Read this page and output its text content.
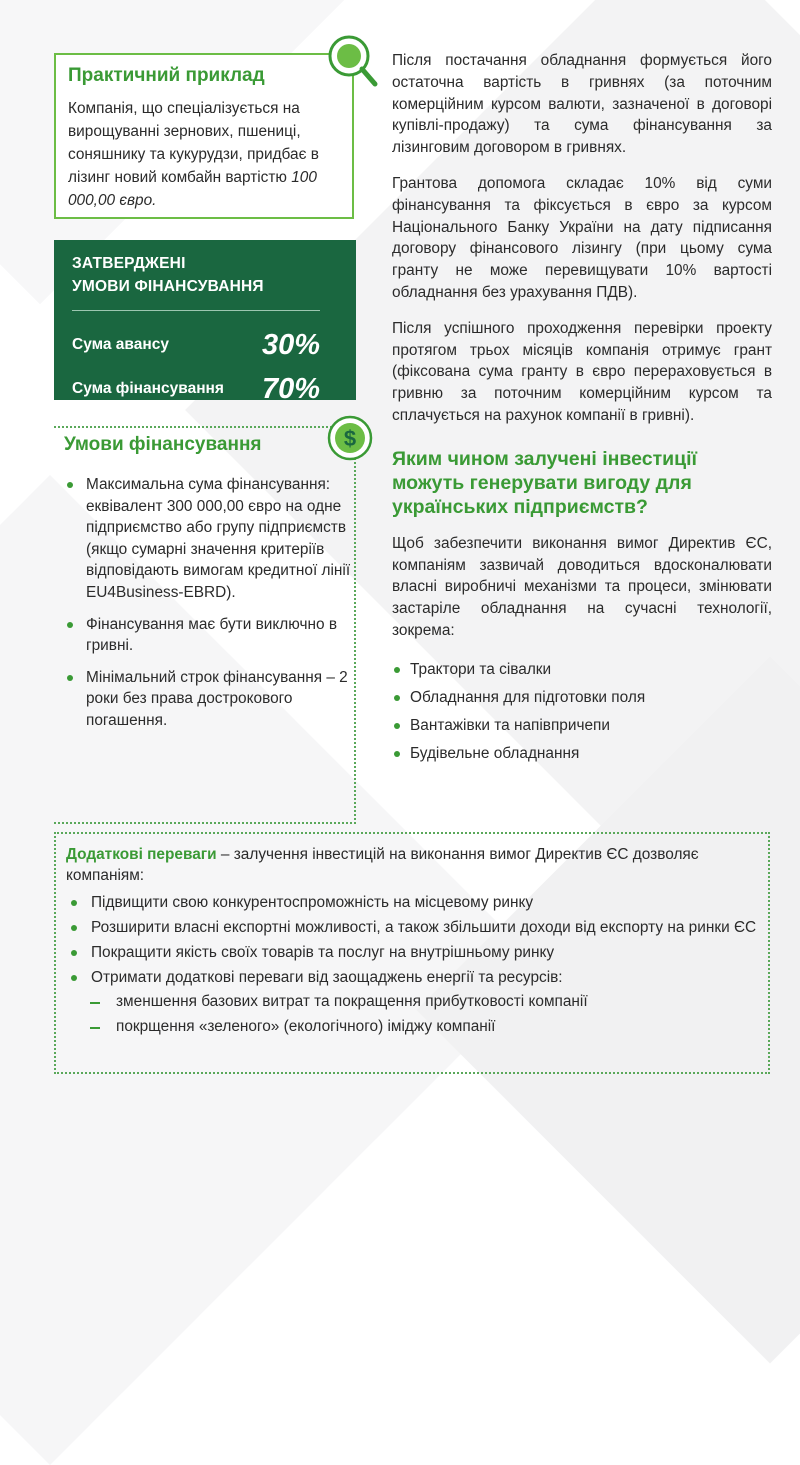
Практичний приклад

Компанія, що спеціалізується на вирощуванні зернових, пшениці, соняшнику та кукурудзи, придбає в лізинг новий комбайн вартістю 100 000,00 євро.

ЗАТВЕРДЖЕНІ
УМОВИ ФІНАНСУВАННЯ

Сума авансу	30%
Сума фінансування 70%

Умови фінансування

Максимальна сума фінансування: еквівалент 300 000,00 євро на одне підприємство або групу підприємств (якщо сумарні значення критеріїв відповідають вимогам кредитної лінії EU4Business-EBRD).
Фінансування має бути виключно в гривні.
Мінімальний строк фінансування – 2 роки без права дострокового погашення.
$

Після постачання обладнання формується його остаточна вартість в гривнях (за поточним комерційним курсом валюти, зазначеної в договорі купівлі-продажу) та сума фінансування за лізинговим договором в гривнях.

Грантова допомога складає 10% від суми фінансування та фіксується в євро за курсом Національного Банку України на дату підписання договору фінансового лізингу (при цьому сума гранту не може перевищувати 10% вартості обладнання без урахування ПДВ).

Після успішного проходження перевірки проекту протягом трьох місяців компанія отримує грант (фіксована сума гранту в євро перераховується в гривню за поточним комерційним курсом та сплачується на рахунок компанії в гривні).

Яким чином залучені інвестиції можуть генерувати вигоду для українських підприємств?

Щоб забезпечити виконання вимог Директив ЄС, компаніям зазвичай доводиться вдосконалювати власні виробничі механізми та процеси, змінювати застаріле обладнання на сучасні технології, зокрема:

Трактори та сівалки
Обладнання для підготовки поля
Вантажівки та напівпричепи
Будівельне обладнання

Додаткові переваги – залучення інвестицій на виконання вимог Директив ЄС дозволяє компаніям:

Підвищити свою конкурентоспроможність на місцевому ринку
Розширити власні експортні можливості, а також збільшити доходи від експорту на ринки ЄС
Покращити якість своїх товарів та послуг на внутрішньому ринку
Отримати додаткові переваги від заощаджень енергії та ресурсів:
зменшення базових витрат та покращення прибутковості компанії
покрщення «зеленого» (екологічного) іміджу компанії
